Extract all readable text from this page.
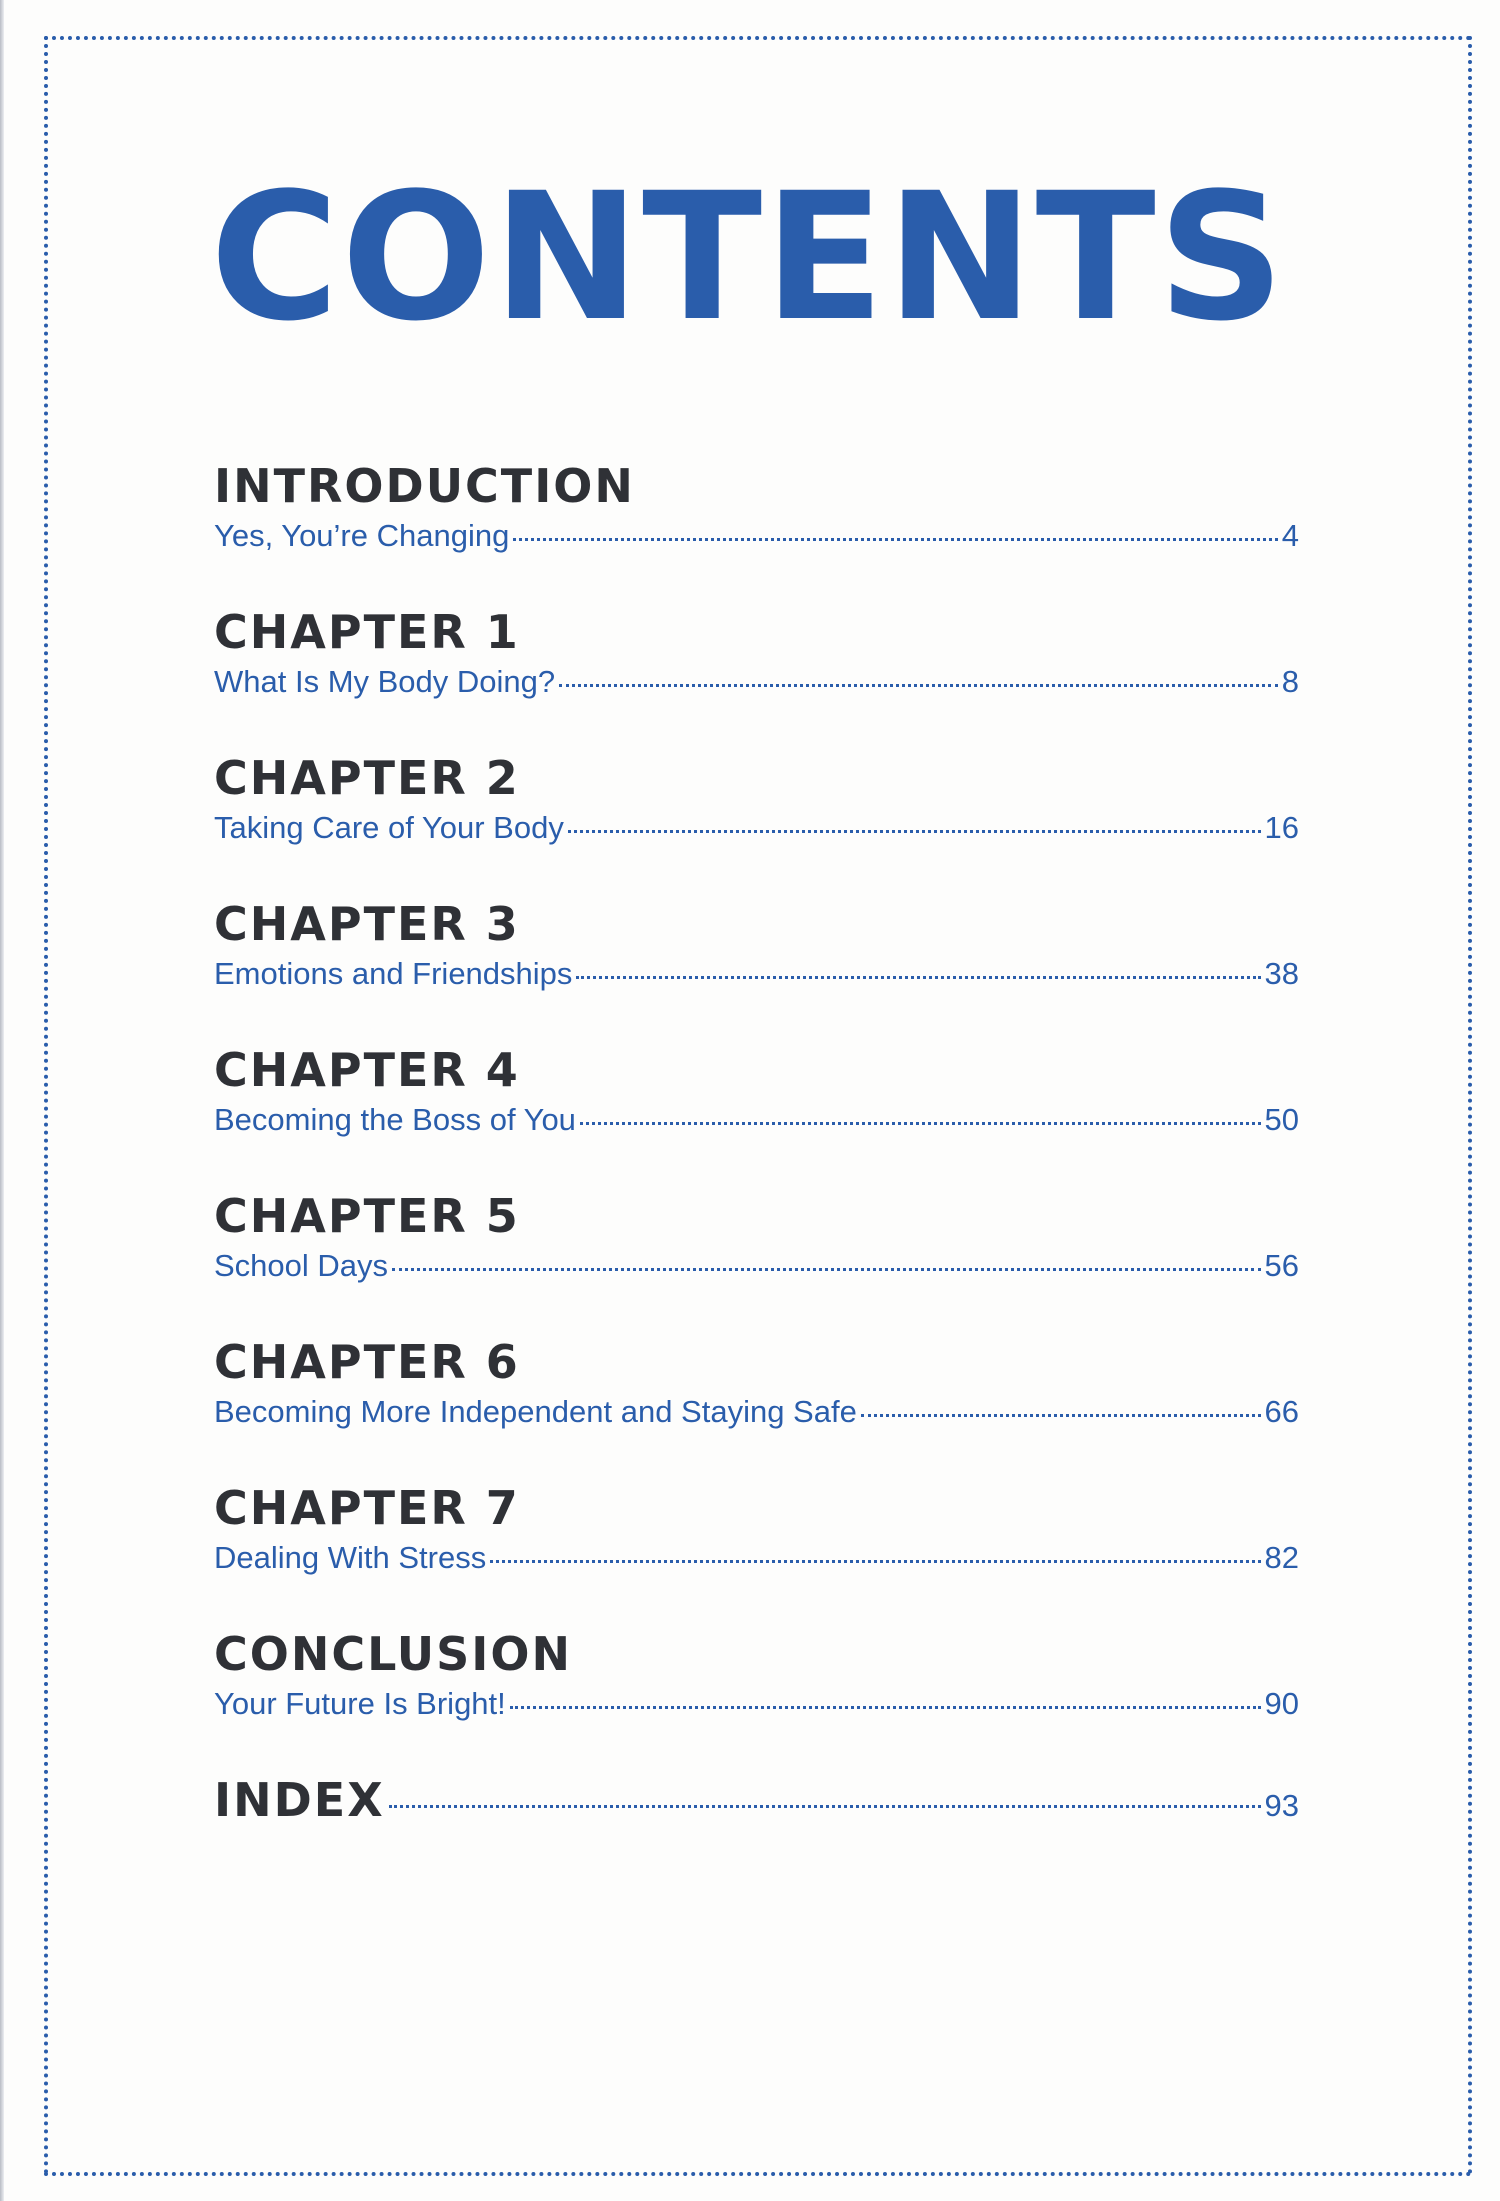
CONTENTS
INTRODUCTION
Yes, You’re Changing	4
CHAPTER 1
What Is My Body Doing?	8
CHAPTER 2
Taking Care of Your Body	16
CHAPTER 3
Emotions and Friendships	38
CHAPTER 4
Becoming the Boss of You	50
CHAPTER 5
School Days	56
CHAPTER 6
Becoming More Independent and Staying Safe	66
CHAPTER 7
Dealing With Stress	82
CONCLUSION
Your Future Is Bright!	90
INDEX	93
